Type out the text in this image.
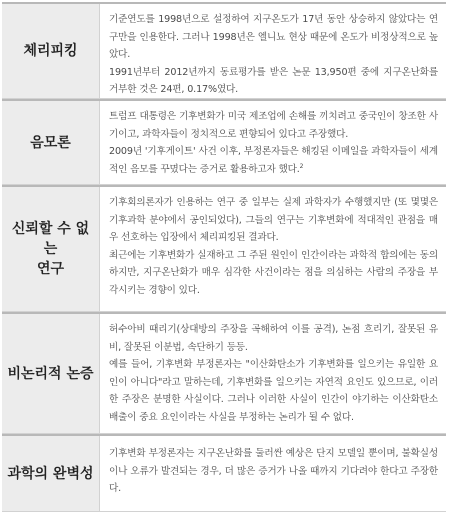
체리피킹

기준연도를 1998년으로 설정하여 지구온도가 17년 동안 상승하지 않았다는 연구만을 인용한다. 그러나 1998년은 엘니뇨 현상 때문에 온도가 비정상적으로 높았다.

1991년부터 2012년까지 동료평가를 받은 논문 13,950편 중에 지구온난화를 거부한 것은 24편, 0.17%였다.

음모론

트럼프 대통령은 기후변화가 미국 제조업에 손해를 끼치려고 중국인이 창조한 사기이고, 과학자들이 정치적으로 편향되어 있다고 주장했다.

2009년 '기후게이트' 사건 이후, 부정론자들은 해킹된 이메일을 과학자들이 세계적인 음모를 꾸몄다는 증거로 활용하고자 했다.$^2$

신뢰할 수 없는
연구

기후회의론자가 인용하는 연구 중 일부는 실제 과학자가 수행했지만 (또 몇몇은 기후과학 분야에서 공인되었다), 그들의 연구는 기후변화에 적대적인 관점을 매우 선호하는 입장에서 체리피킹된 결과다.

최근에는 기후변화가 실재하고 그 주된 원인이 인간이라는 과학적 합의에는 동의하지만, 지구온난화가 매우 심각한 사건이라는 점을 의심하는 사람의 주장을 부각시키는 경향이 있다.

비논리적 논증

허수아비 때리기(상대방의 주장을 곡해하여 이를 공격), 논점 흐리기, 잘못된 유비, 잘못된 이분법, 속단하기 등등.

예를 들어, 기후변화 부정론자는 "이산화탄소가 기후변화를 일으키는 유일한 요인이 아니다"라고 말하는데, 기후변화를 일으키는 자연적 요인도 있으므로, 이러한 주장은 분명한 사실이다. 그러나 이러한 사실이 인간이 야기하는 이산화탄소 배출이 중요 요인이라는 사실을 부정하는 논리가 될 수 없다.

과학의 완벽성

기후변화 부정론자는 지구온난화를 둘러싼 예상은 단지 모델일 뿐이며, 불확실성이나 오류가 발견되는 경우, 더 많은 증거가 나올 때까지 기다려야 한다고 주장한다.
